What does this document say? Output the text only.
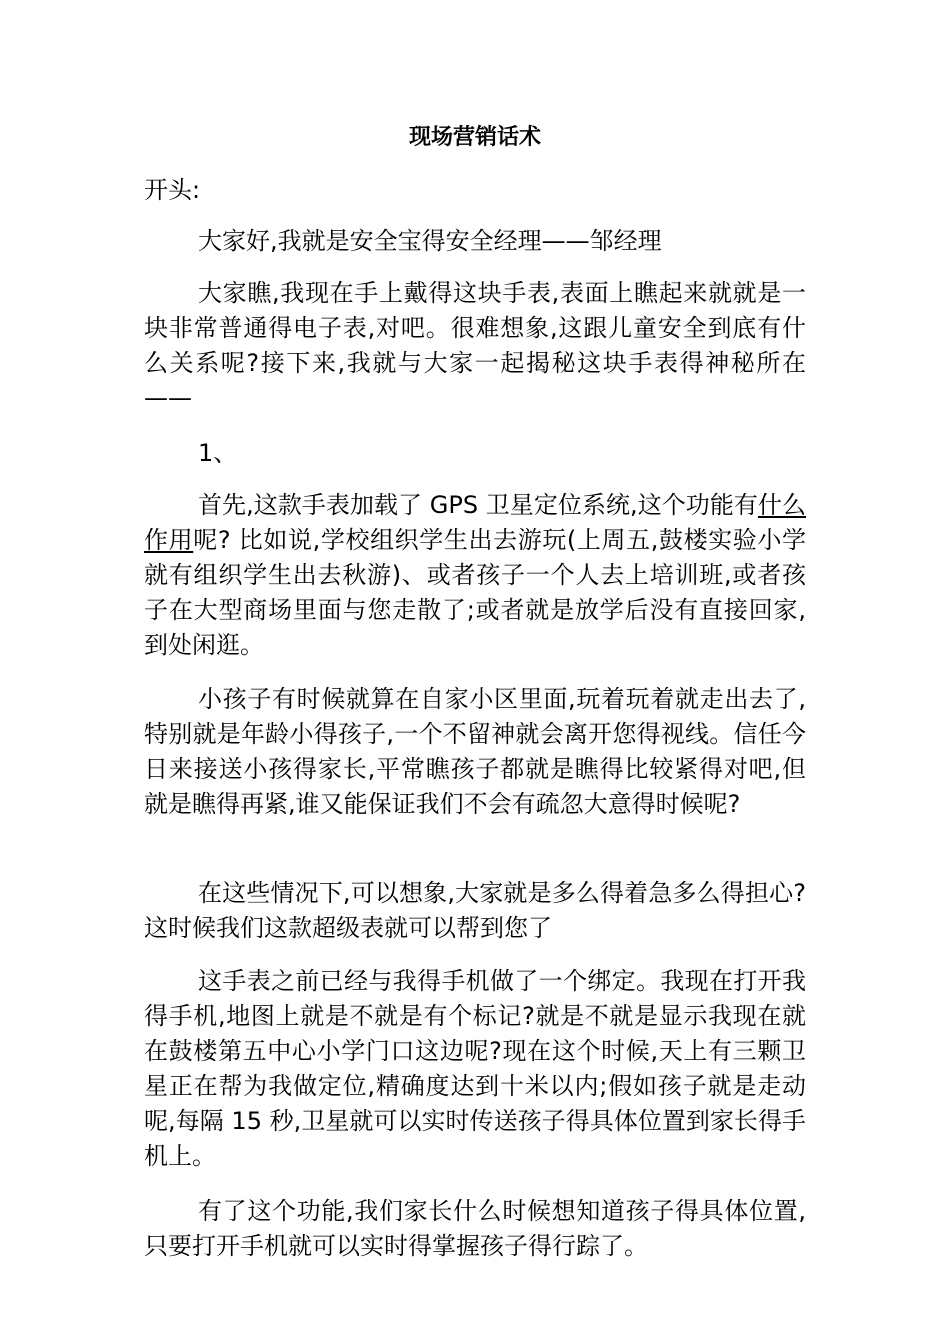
现场营销话术

开头:

大家好,我就是安全宝得安全经理——邹经理

大家瞧,我现在手上戴得这块手表,表面上瞧起来就就是一块非常普通得电子表,对吧。很难想象,这跟儿童安全到底有什么关系呢?接下来,我就与大家一起揭秘这块手表得神秘所在——

1、

首先,这款手表加载了 GPS 卫星定位系统,这个功能有什么作用呢? 比如说,学校组织学生出去游玩(上周五,鼓楼实验小学就有组织学生出去秋游)、或者孩子一个人去上培训班,或者孩子在大型商场里面与您走散了;或者就是放学后没有直接回家,到处闲逛。

小孩子有时候就算在自家小区里面,玩着玩着就走出去了,特别就是年龄小得孩子,一个不留神就会离开您得视线。信任今日来接送小孩得家长,平常瞧孩子都就是瞧得比较紧得对吧,但就是瞧得再紧,谁又能保证我们不会有疏忽大意得时候呢?

在这些情况下,可以想象,大家就是多么得着急多么得担心?这时候我们这款超级表就可以帮到您了

这手表之前已经与我得手机做了一个绑定。我现在打开我得手机,地图上就是不就是有个标记?就是不就是显示我现在就在鼓楼第五中心小学门口这边呢?现在这个时候,天上有三颗卫星正在帮为我做定位,精确度达到十米以内;假如孩子就是走动呢,每隔 15 秒,卫星就可以实时传送孩子得具体位置到家长得手机上。

有了这个功能,我们家长什么时候想知道孩子得具体位置,只要打开手机就可以实时得掌握孩子得行踪了。
